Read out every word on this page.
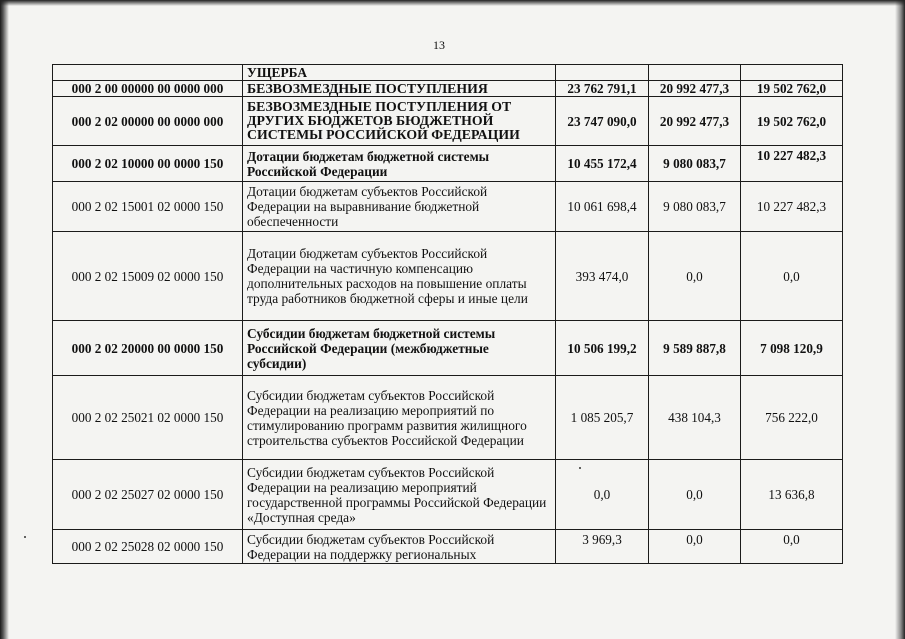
13
	УЩЕРБА			
000 2 00 00000 00 0000 000	БЕЗВОЗМЕЗДНЫЕ ПОСТУПЛЕНИЯ	23 762 791,1	20 992 477,3	19 502 762,0
000 2 02 00000 00 0000 000	БЕЗВОЗМЕЗДНЫЕ ПОСТУПЛЕНИЯ ОТ ДРУГИХ БЮДЖЕТОВ БЮДЖЕТНОЙ СИСТЕМЫ РОССИЙСКОЙ ФЕДЕРАЦИИ	23 747 090,0	20 992 477,3	19 502 762,0
000 2 02 10000 00 0000 150	Дотации бюджетам бюджетной системы Российской Федерации	10 455 172,4	9 080 083,7	10 227 482,3
000 2 02 15001 02 0000 150	Дотации бюджетам субъектов Российской Федерации на выравнивание бюджетной обеспеченности	10 061 698,4	9 080 083,7	10 227 482,3
000 2 02 15009 02 0000 150	Дотации бюджетам субъектов Российской Федерации на частичную компенсацию дополнительных расходов на повышение оплаты труда работников бюджетной сферы и иные цели	393 474,0	0,0	0,0
000 2 02 20000 00 0000 150	Субсидии бюджетам бюджетной системы Российской Федерации (межбюджетные субсидии)	10 506 199,2	9 589 887,8	7 098 120,9
000 2 02 25021 02 0000 150	Субсидии бюджетам субъектов Российской Федерации на реализацию мероприятий по стимулированию программ развития жилищного строительства субъектов Российской Федерации	1 085 205,7	438 104,3	756 222,0
000 2 02 25027 02 0000 150	Субсидии бюджетам субъектов Российской Федерации на реализацию мероприятий государственной программы Российской Федерации «Доступная среда»	0,0	0,0	13 636,8
000 2 02 25028 02 0000 150	Субсидии бюджетам субъектов Российской Федерации на поддержку региональных	3 969,3	0,0	0,0
